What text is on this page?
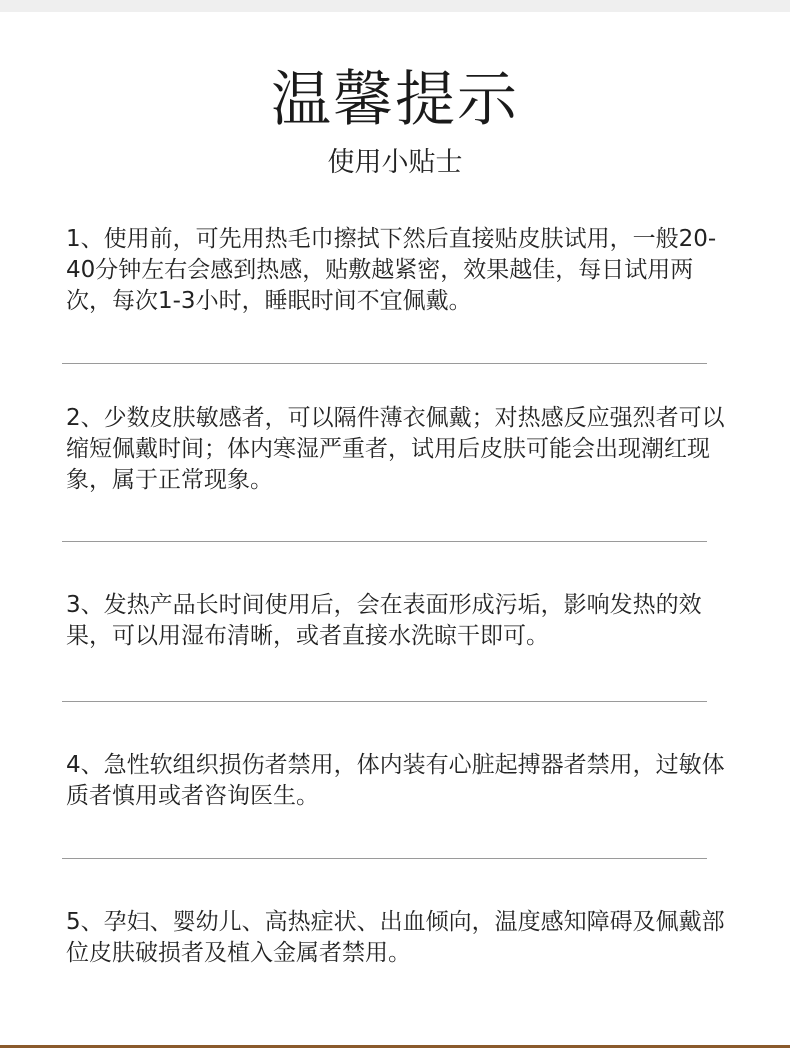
温馨提示
使用小贴士

1、使用前，可先用热毛巾擦拭下然后直接贴皮肤试用，一般20-40分钟左右会感到热感，贴敷越紧密，效果越佳，每日试用两次，每次1-3小时，睡眠时间不宜佩戴。

2、少数皮肤敏感者，可以隔件薄衣佩戴；对热感反应强烈者可以缩短佩戴时间；体内寒湿严重者，试用后皮肤可能会出现潮红现象，属于正常现象。

3、发热产品长时间使用后，会在表面形成污垢，影响发热的效果，可以用湿布清晰，或者直接水洗晾干即可。

4、急性软组织损伤者禁用，体内装有心脏起搏器者禁用，过敏体质者慎用或者咨询医生。

5、孕妇、婴幼儿、高热症状、出血倾向，温度感知障碍及佩戴部位皮肤破损者及植入金属者禁用。
